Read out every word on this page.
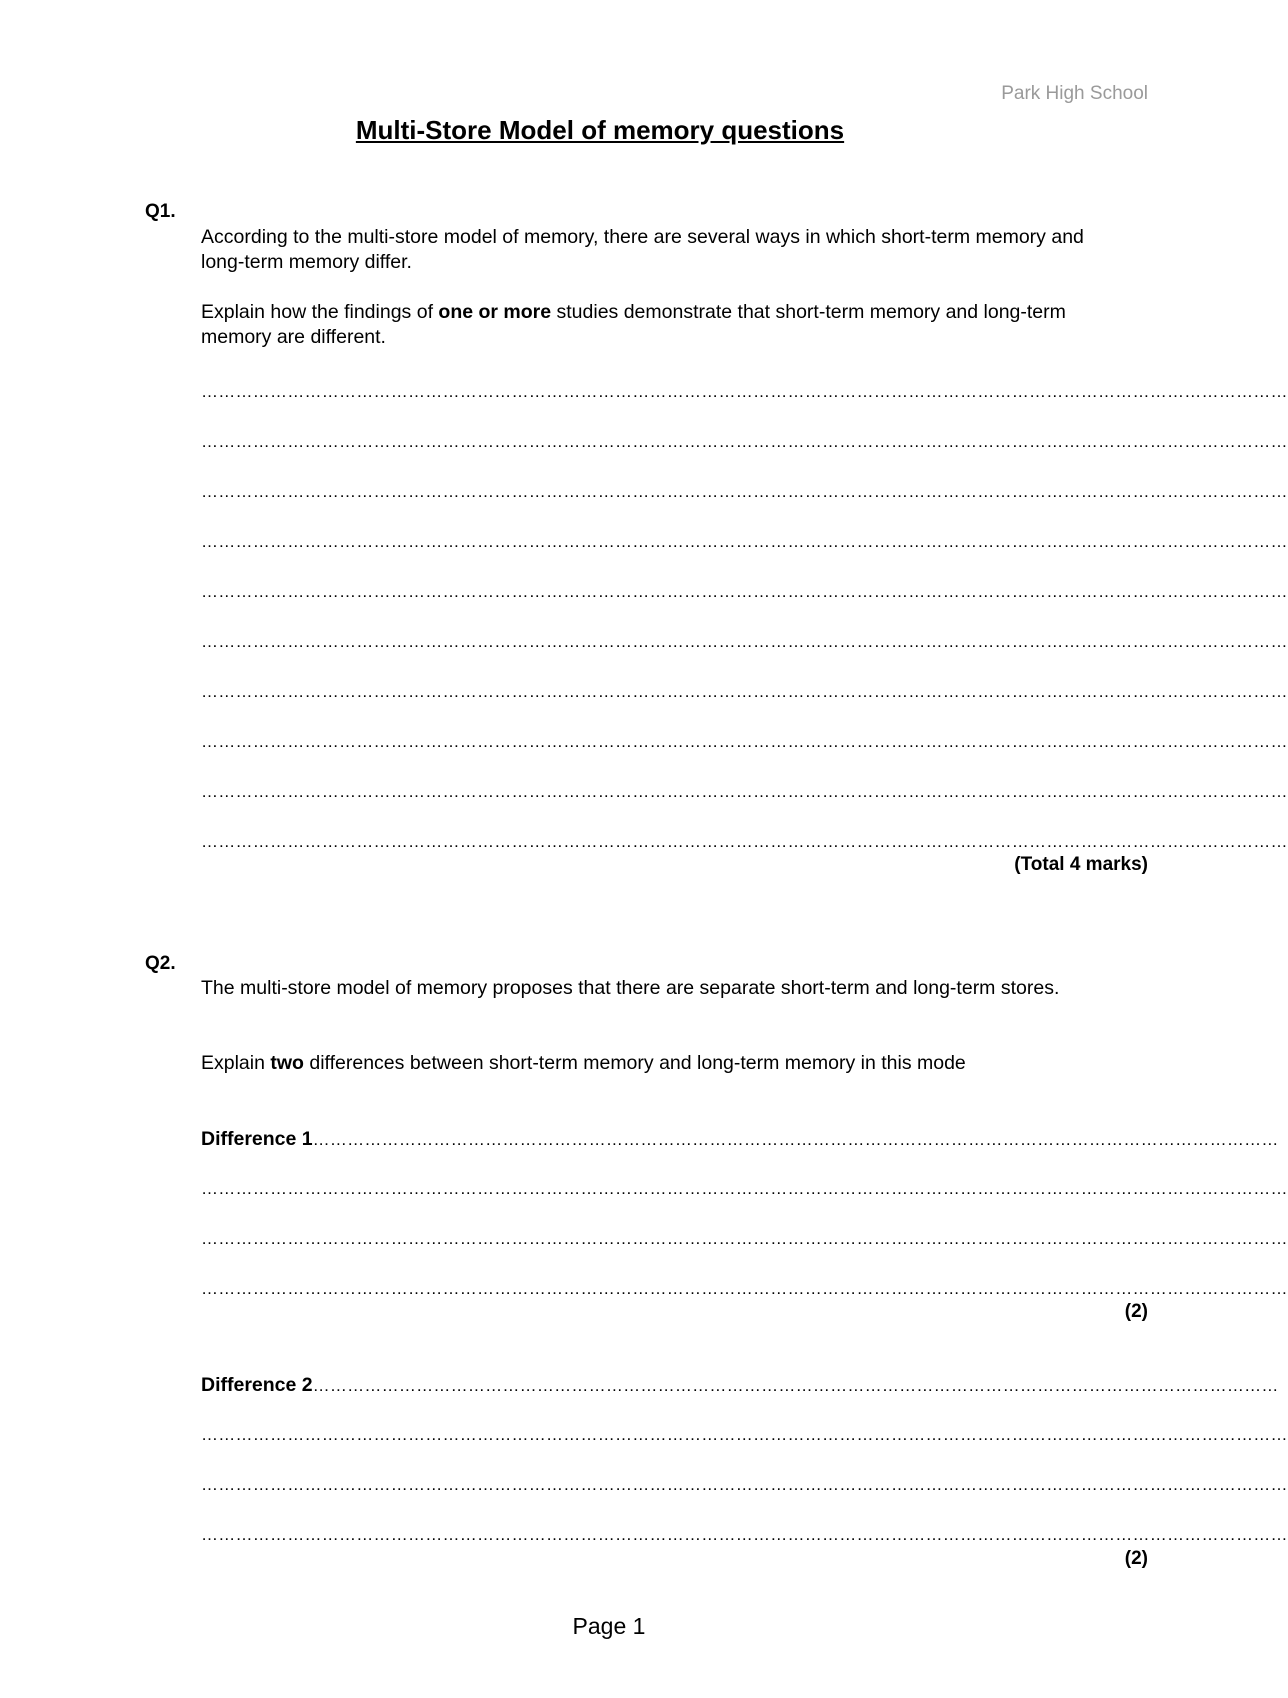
Park High School
Multi-Store Model of memory questions
Q1.
According to the multi-store model of memory, there are several ways in which short-term memory and long-term memory differ.
Explain how the findings of one or more studies demonstrate that short-term memory and long-term memory are different.
………………………………………………………………………………………………………………………………………………………………………
………………………………………………………………………………………………………………………………………………………………………
………………………………………………………………………………………………………………………………………………………………………
………………………………………………………………………………………………………………………………………………………………………
………………………………………………………………………………………………………………………………………………………………………
………………………………………………………………………………………………………………………………………………………………………
………………………………………………………………………………………………………………………………………………………………………
………………………………………………………………………………………………………………………………………………………………………
………………………………………………………………………………………………………………………………………………………………………
………………………………………………………………………………………………………………………………………………………………………
(Total 4 marks)
Q2.
The multi-store model of memory proposes that there are separate short-term and long-term stores.
Explain two differences between short-term memory and long-term memory in this mode
Difference 1……………………………………………………………………………………………………………………………………………………
………………………………………………………………………………………………………………………………………………………………………
………………………………………………………………………………………………………………………………………………………………………
………………………………………………………………………………………………………………………………………………………………………
(2)
Difference 2……………………………………………………………………………………………………………………………………………………
………………………………………………………………………………………………………………………………………………………………………
………………………………………………………………………………………………………………………………………………………………………
………………………………………………………………………………………………………………………………………………………………………
(2)
Page 1
